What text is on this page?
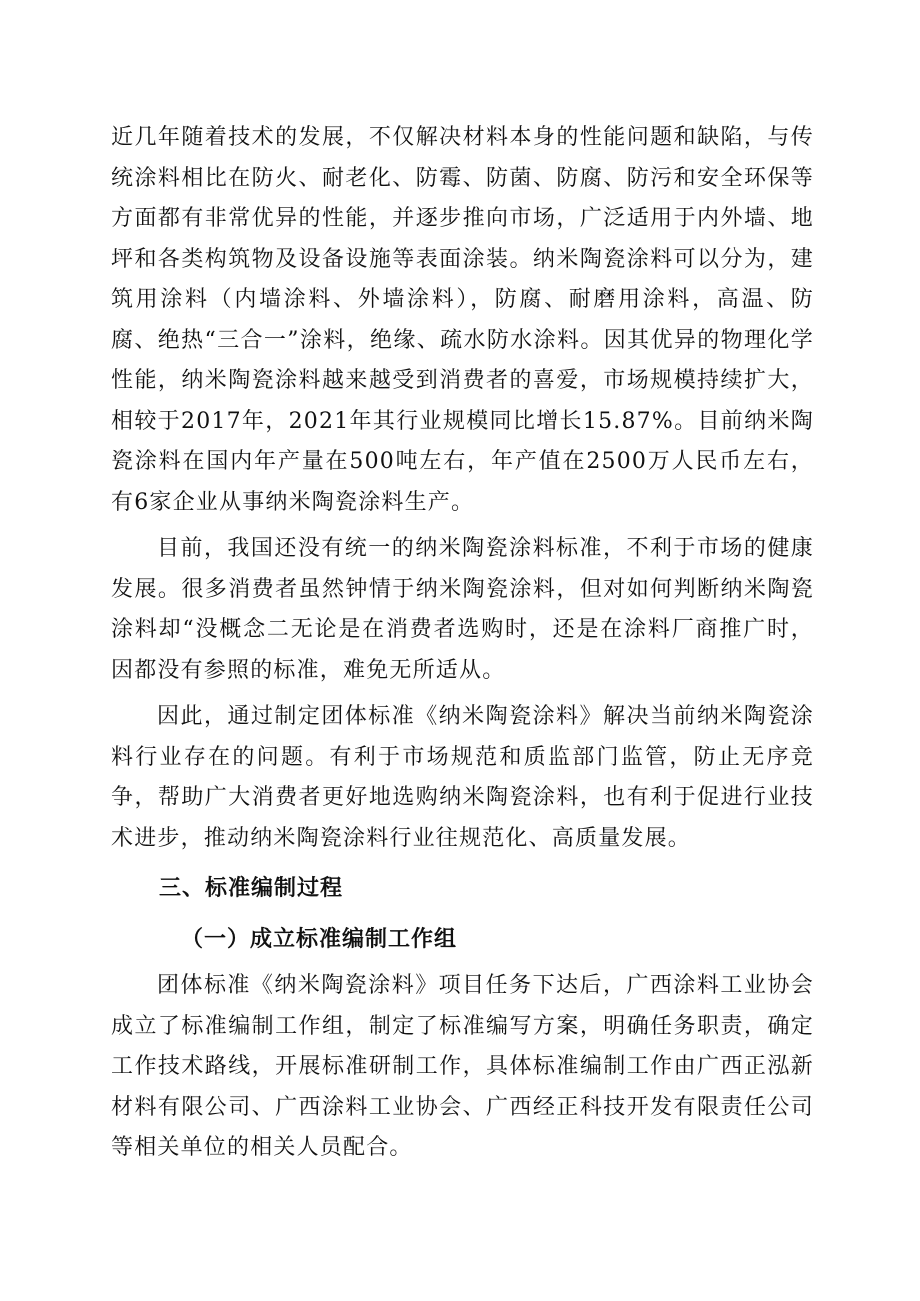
近几年随着技术的发展，不仅解决材料本身的性能问题和缺陷，与传统涂料相比在防火、耐老化、防霉、防菌、防腐、防污和安全环保等方面都有非常优异的性能，并逐步推向市场，广泛适用于内外墙、地坪和各类构筑物及设备设施等表面涂装。纳米陶瓷涂料可以分为，建筑用涂料（内墙涂料、外墙涂料），防腐、耐磨用涂料，高温、防腐、绝热“三合一”涂料，绝缘、疏水防水涂料。因其优异的物理化学性能，纳米陶瓷涂料越来越受到消费者的喜爱，市场规模持续扩大，相较于2017年，2021年其行业规模同比增长15.87%。目前纳米陶瓷涂料在国内年产量在500吨左右，年产值在2500万人民币左右，有6家企业从事纳米陶瓷涂料生产。

目前，我国还没有统一的纳米陶瓷涂料标准，不利于市场的健康发展。很多消费者虽然钟情于纳米陶瓷涂料，但对如何判断纳米陶瓷涂料却“没概念二无论是在消费者选购时，还是在涂料厂商推广时，因都没有参照的标准，难免无所适从。

因此，通过制定团体标准《纳米陶瓷涂料》解决当前纳米陶瓷涂料行业存在的问题。有利于市场规范和质监部门监管，防止无序竞争，帮助广大消费者更好地选购纳米陶瓷涂料，也有利于促进行业技术进步，推动纳米陶瓷涂料行业往规范化、高质量发展。

三、标准编制过程
（一）成立标准编制工作组

团体标准《纳米陶瓷涂料》项目任务下达后，广西涂料工业协会成立了标准编制工作组，制定了标准编写方案，明确任务职责，确定工作技术路线，开展标准研制工作，具体标准编制工作由广西正泓新材料有限公司、广西涂料工业协会、广西经正科技开发有限责任公司等相关单位的相关人员配合。
